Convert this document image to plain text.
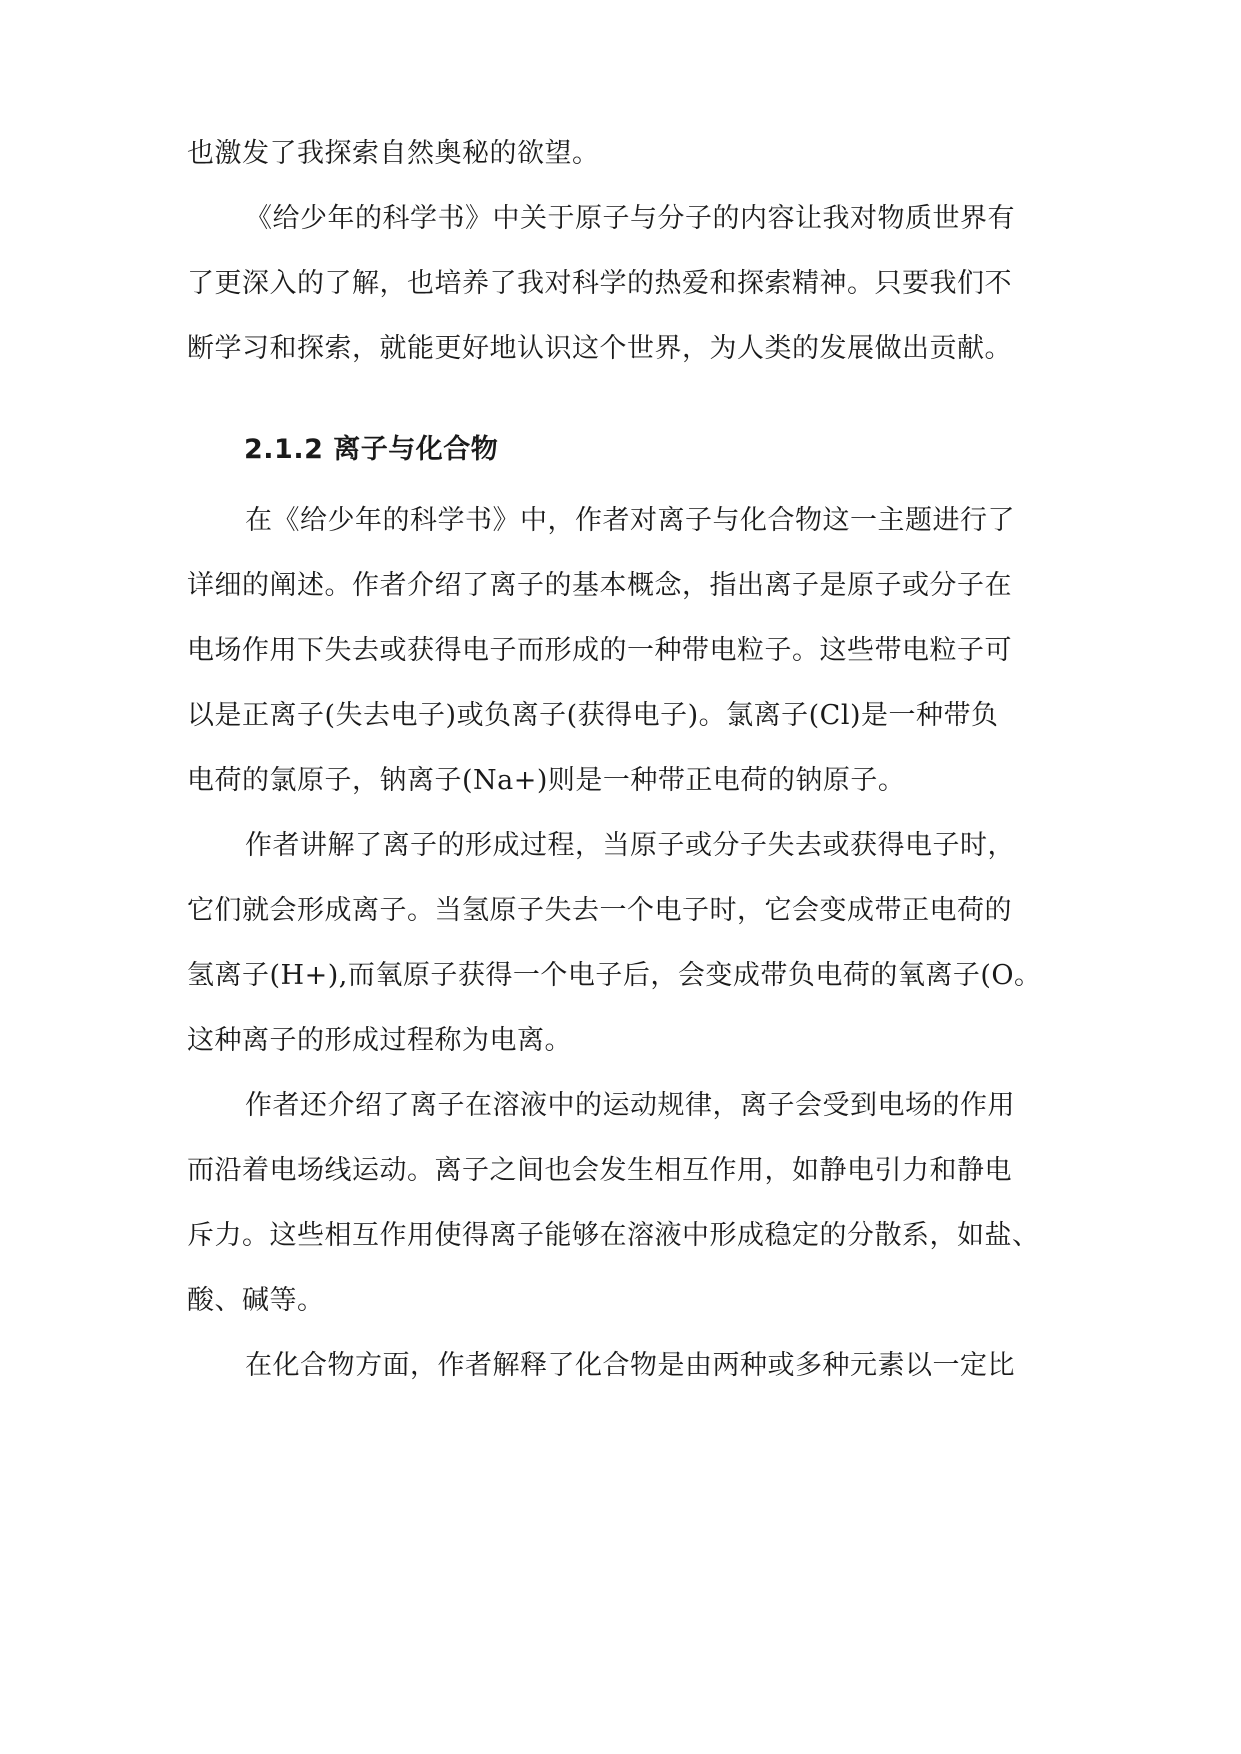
也激发了我探索自然奥秘的欲望。

《给少年的科学书》中关于原子与分子的内容让我对物质世界有

了更深入的了解，也培养了我对科学的热爱和探索精神。只要我们不

断学习和探索，就能更好地认识这个世界，为人类的发展做出贡献。

2.1.2 离子与化合物

在《给少年的科学书》中，作者对离子与化合物这一主题进行了

详细的阐述。作者介绍了离子的基本概念，指出离子是原子或分子在

电场作用下失去或获得电子而形成的一种带电粒子。这些带电粒子可

以是正离子(失去电子)或负离子(获得电子)。氯离子(Cl)是一种带负

电荷的氯原子，钠离子(Na+)则是一种带正电荷的钠原子。

作者讲解了离子的形成过程，当原子或分子失去或获得电子时，

它们就会形成离子。当氢原子失去一个电子时，它会变成带正电荷的

氢离子(H+),而氧原子获得一个电子后，会变成带负电荷的氧离子(O。

这种离子的形成过程称为电离。

作者还介绍了离子在溶液中的运动规律，离子会受到电场的作用

而沿着电场线运动。离子之间也会发生相互作用，如静电引力和静电

斥力。这些相互作用使得离子能够在溶液中形成稳定的分散系，如盐、

酸、碱等。

在化合物方面，作者解释了化合物是由两种或多种元素以一定比
